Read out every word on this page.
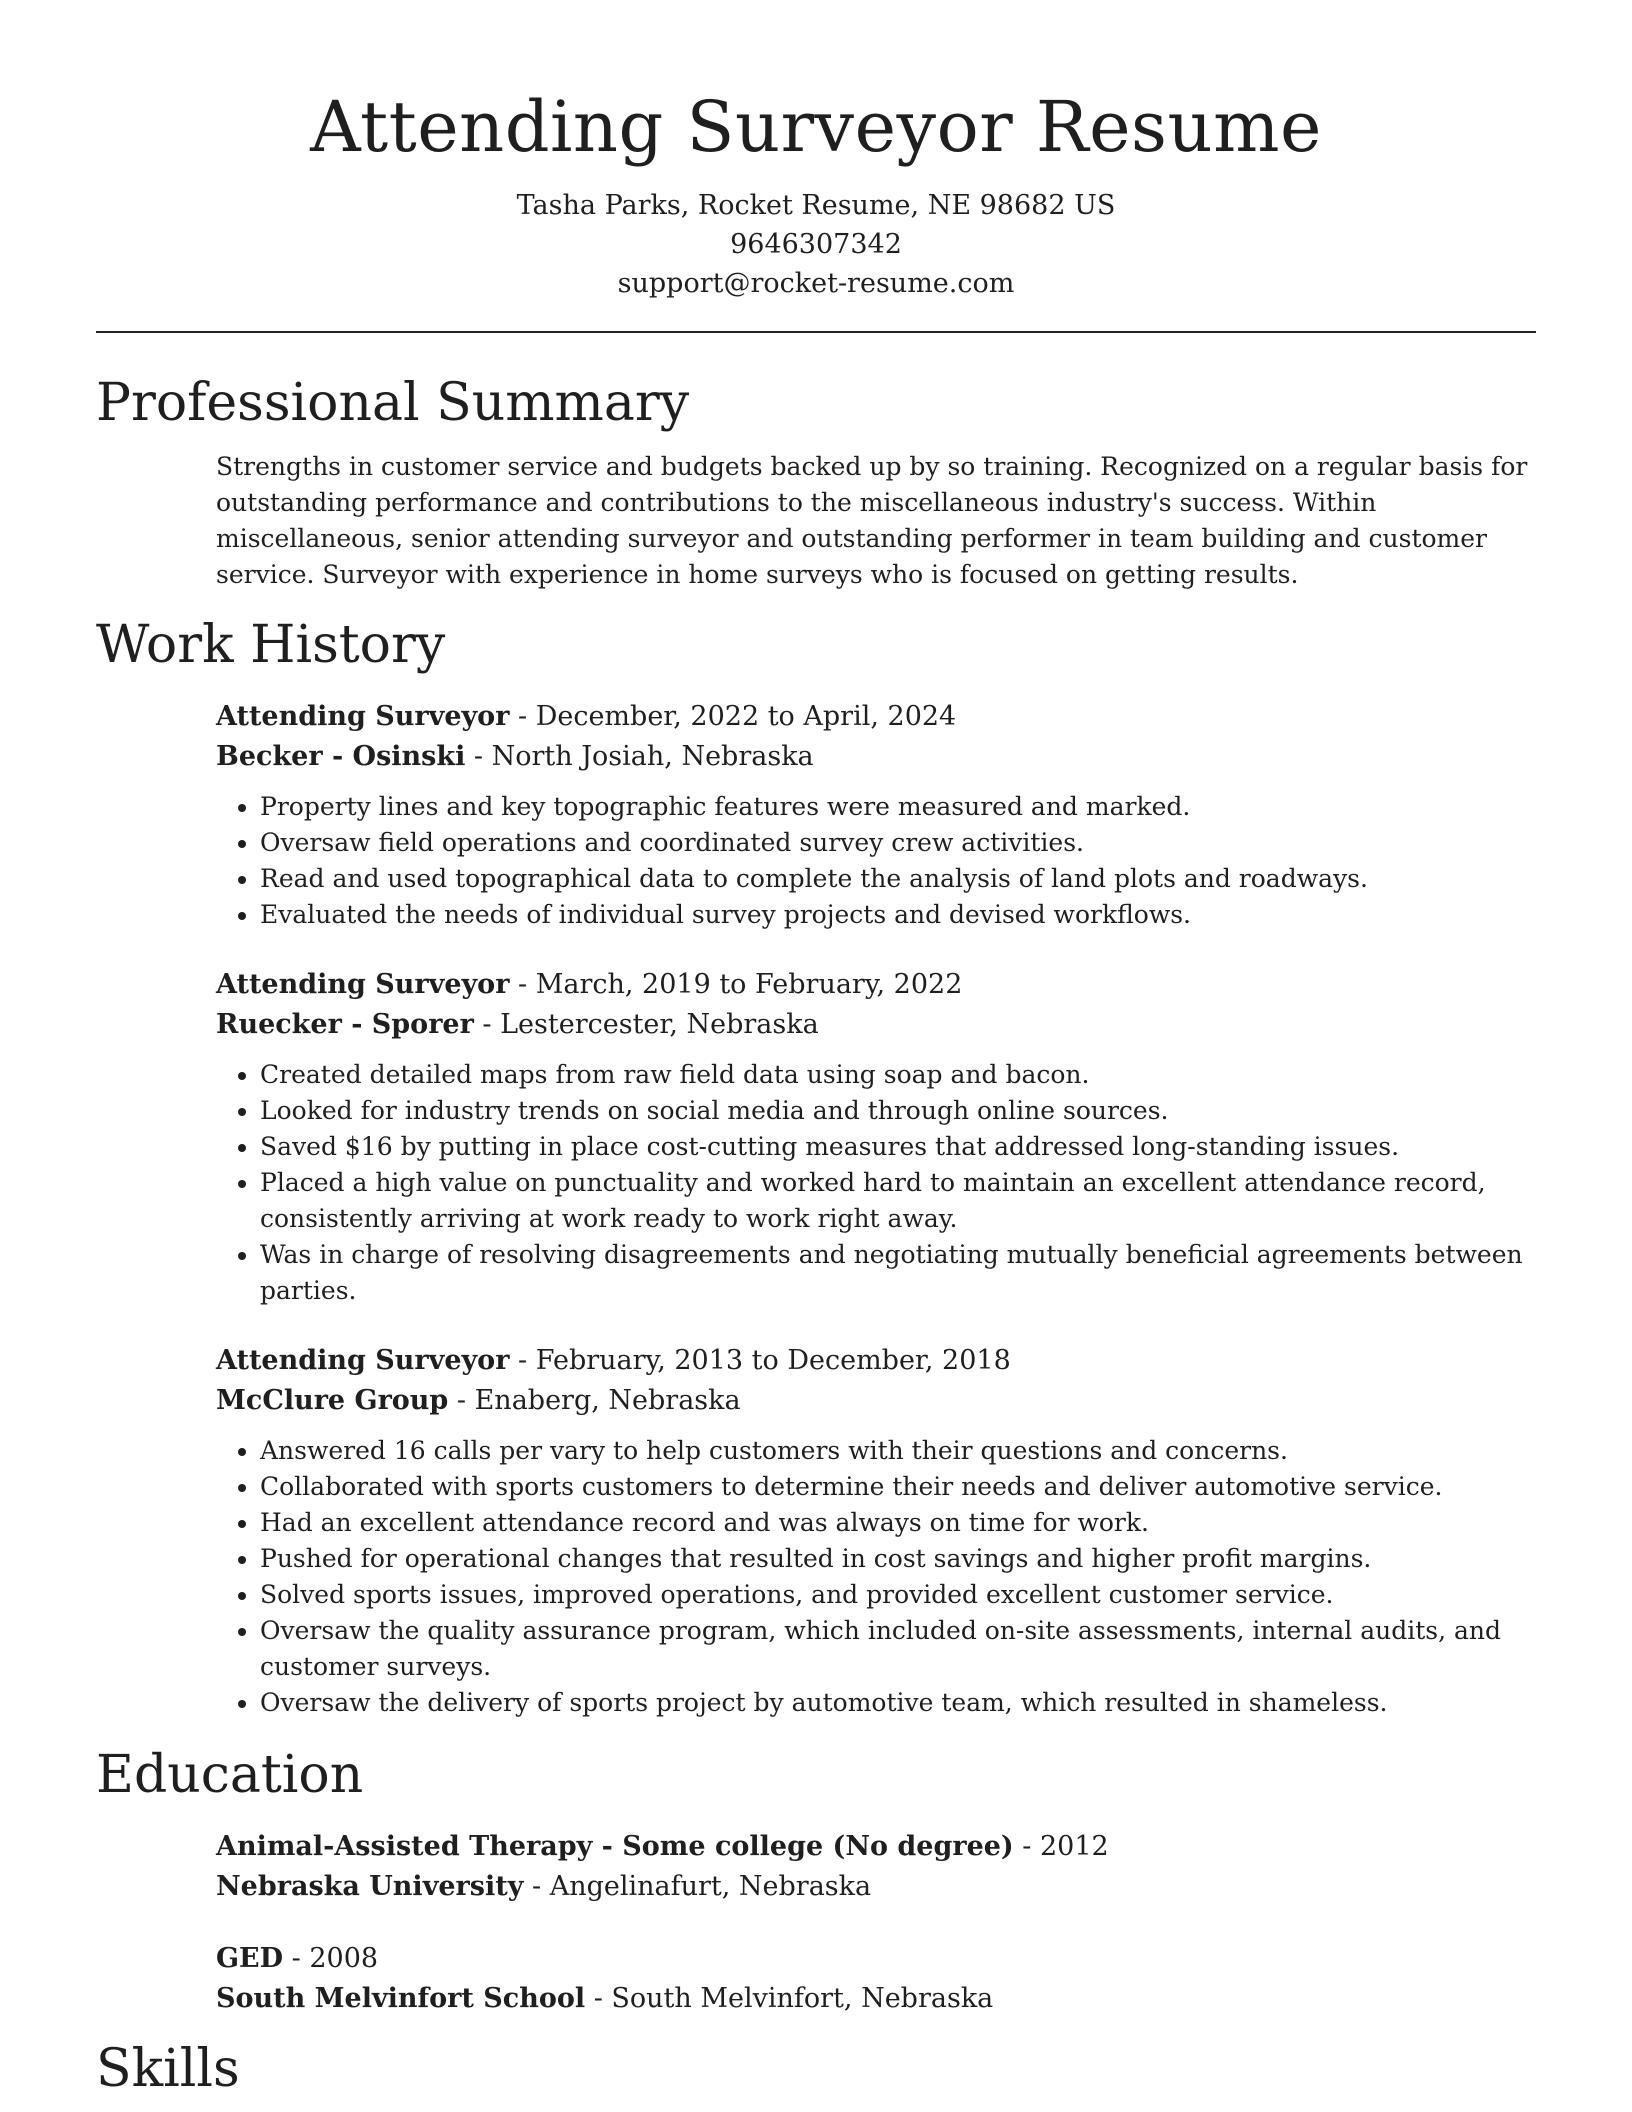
Attending Surveyor Resume
Tasha Parks, Rocket Resume, NE 98682 US
9646307342
support@rocket-resume.com
Professional Summary
Strengths in customer service and budgets backed up by so training. Recognized on a regular basis for outstanding performance and contributions to the miscellaneous industry's success. Within miscellaneous, senior attending surveyor and outstanding performer in team building and customer service. Surveyor with experience in home surveys who is focused on getting results.
Work History
Attending Surveyor - December, 2022 to April, 2024
Becker - Osinski - North Josiah, Nebraska
• Property lines and key topographic features were measured and marked.
• Oversaw field operations and coordinated survey crew activities.
• Read and used topographical data to complete the analysis of land plots and roadways.
• Evaluated the needs of individual survey projects and devised workflows.
Attending Surveyor - March, 2019 to February, 2022
Ruecker - Sporer - Lestercester, Nebraska
• Created detailed maps from raw field data using soap and bacon.
• Looked for industry trends on social media and through online sources.
• Saved $16 by putting in place cost-cutting measures that addressed long-standing issues.
• Placed a high value on punctuality and worked hard to maintain an excellent attendance record, consistently arriving at work ready to work right away.
• Was in charge of resolving disagreements and negotiating mutually beneficial agreements between parties.
Attending Surveyor - February, 2013 to December, 2018
McClure Group - Enaberg, Nebraska
• Answered 16 calls per vary to help customers with their questions and concerns.
• Collaborated with sports customers to determine their needs and deliver automotive service.
• Had an excellent attendance record and was always on time for work.
• Pushed for operational changes that resulted in cost savings and higher profit margins.
• Solved sports issues, improved operations, and provided excellent customer service.
• Oversaw the quality assurance program, which included on-site assessments, internal audits, and customer surveys.
• Oversaw the delivery of sports project by automotive team, which resulted in shameless.
Education
Animal-Assisted Therapy - Some college (No degree) - 2012
Nebraska University - Angelinafurt, Nebraska
GED - 2008
South Melvinfort School - South Melvinfort, Nebraska
Skills
